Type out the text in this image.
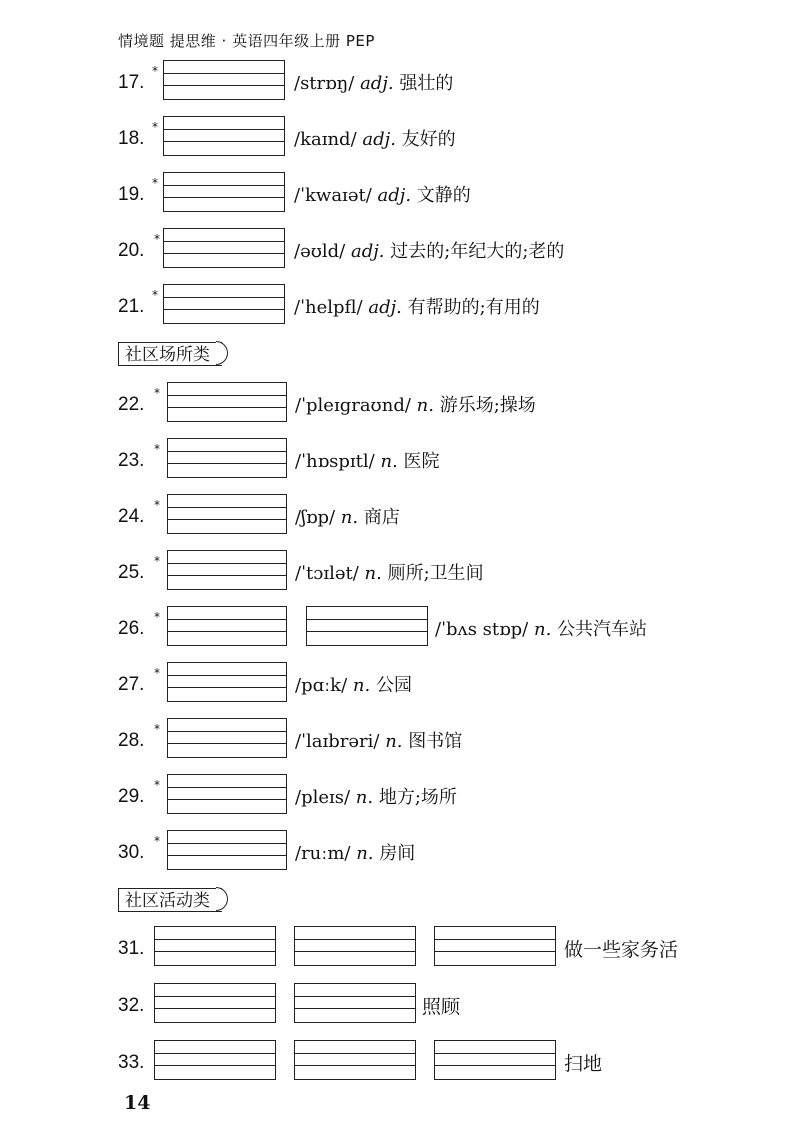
情境题 提思维 · 英语四年级上册 PEP
17.
*
/strɒŋ/ adj. 强壮的
18.
*
/kaɪnd/ adj. 友好的
19.
*
/ˈkwaɪət/ adj. 文静的
20.
*
/əʊld/ adj. 过去的;年纪大的;老的
21.
*
/ˈhelpfl/ adj. 有帮助的;有用的
社区场所类
22.
*
/ˈpleɪgraʊnd/ n. 游乐场;操场
23.
*
/ˈhɒspɪtl/ n. 医院
24.
*
/ʃɒp/ n. 商店
25.
*
/ˈtɔɪlət/ n. 厕所;卫生间
26.
*
/ˈbʌs stɒp/ n. 公共汽车站
27.
*
/pɑːk/ n. 公园
28.
*
/ˈlaɪbrəri/ n. 图书馆
29.
*
/pleɪs/ n. 地方;场所
30.
*
/ruːm/ n. 房间
社区活动类
31.	做一些家务活
32.	照顾
33.	扫地
14
